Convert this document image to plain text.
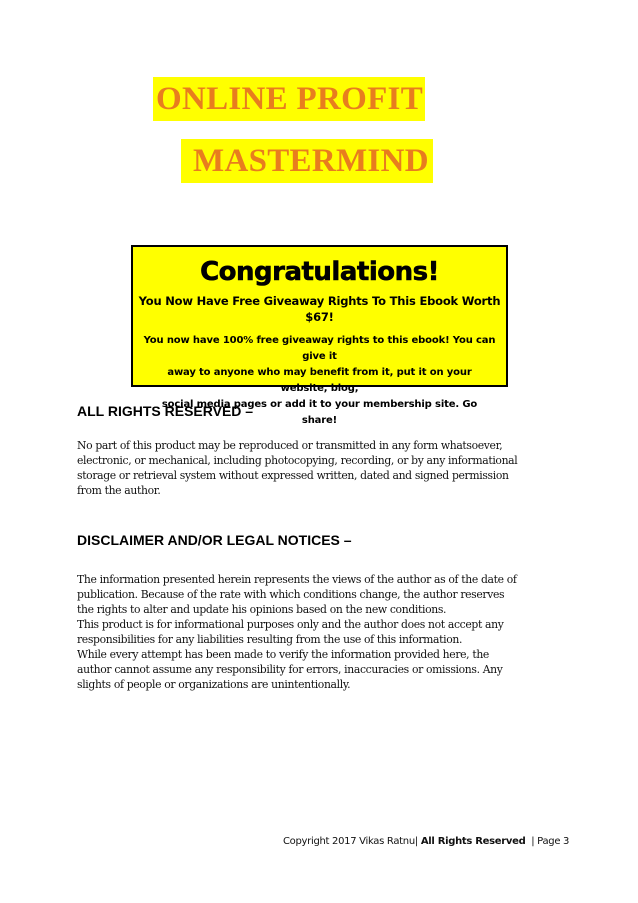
ONLINE PROFIT
MASTERMIND
Congratulations!
You Now Have Free Giveaway Rights To This Ebook Worth $67!
You now have 100% free giveaway rights to this ebook! You can give it
away to anyone who may benefit from it, put it on your website, blog,
social media pages or add it to your membership site. Go share!
ALL RIGHTS RESERVED –
No part of this product may be reproduced or transmitted in any form whatsoever,
electronic, or mechanical, including photocopying, recording, or by any informational
storage or retrieval system without expressed written, dated and signed permission
from the author.
DISCLAIMER AND/OR LEGAL NOTICES –
The information presented herein represents the views of the author as of the date of
publication. Because of the rate with which conditions change, the author reserves
the rights to alter and update his opinions based on the new conditions.
This product is for informational purposes only and the author does not accept any
responsibilities for any liabilities resulting from the use of this information.
While every attempt has been made to verify the information provided here, the
author cannot assume any responsibility for errors, inaccuracies or omissions. Any
slights of people or organizations are unintentionally.
Copyright 2017 Vikas Ratnu| All Rights Reserved | Page 3
